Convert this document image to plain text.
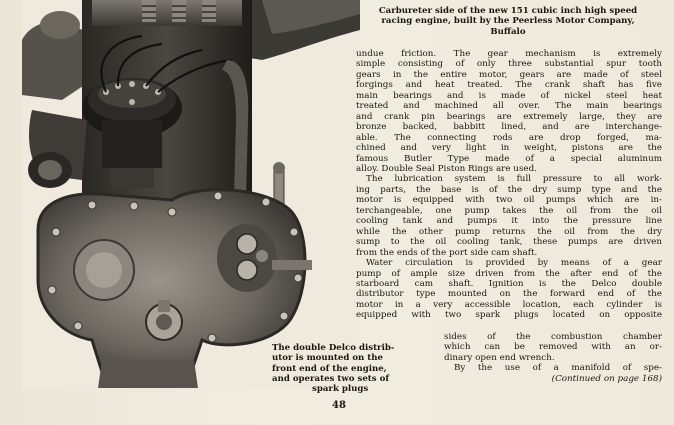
Carbureter side of the new 151 cubic inch high speed
racing engine, built by the Peerless Motor Company,
Buffalo
undue friction. The gear mechanism is extremely
simple consisting of only three substantial spur tooth
gears in the entire motor, gears are made of steel
forgings and heat treated. The crank shaft has five
main bearings and is made of nickel steel heat
treated and machined all over. The main bearings
and crank pin bearings are extremely large, they are
bronze backed, babbitt lined, and are interchange-
able. The connecting rods are drop forged, ma-
chined and very light in weight, pistons are the
famous Butler Type made of a special aluminum
alloy. Double Seal Piston Rings are used.
The lubrication system is full pressure to all work-
ing parts, the base is of the dry sump type and the
motor is equipped with two oil pumps which are in-
terchangeable, one pump takes the oil from the oil
cooling tank and pumps it into the pressure line
while the other pump returns the oil from the dry
sump to the oil cooling tank, these pumps are driven
from the ends of the port side cam shaft.
Water circulation is provided by means of a gear
pump of ample size driven from the after end of the
starboard cam shaft. Ignition is the Delco double
distributor type mounted on the forward end of the
motor in a very accessible location, each cylinder is
equipped with two spark plugs located on opposite
sides of the combustion chamber
which can be removed with an or-
dinary open end wrench.
By the use of a manifold of spe-
(Continued on page 168)
The double Delco distrib-
utor is mounted on the
front end of the engine,
and operates two sets of
spark plugs
48
